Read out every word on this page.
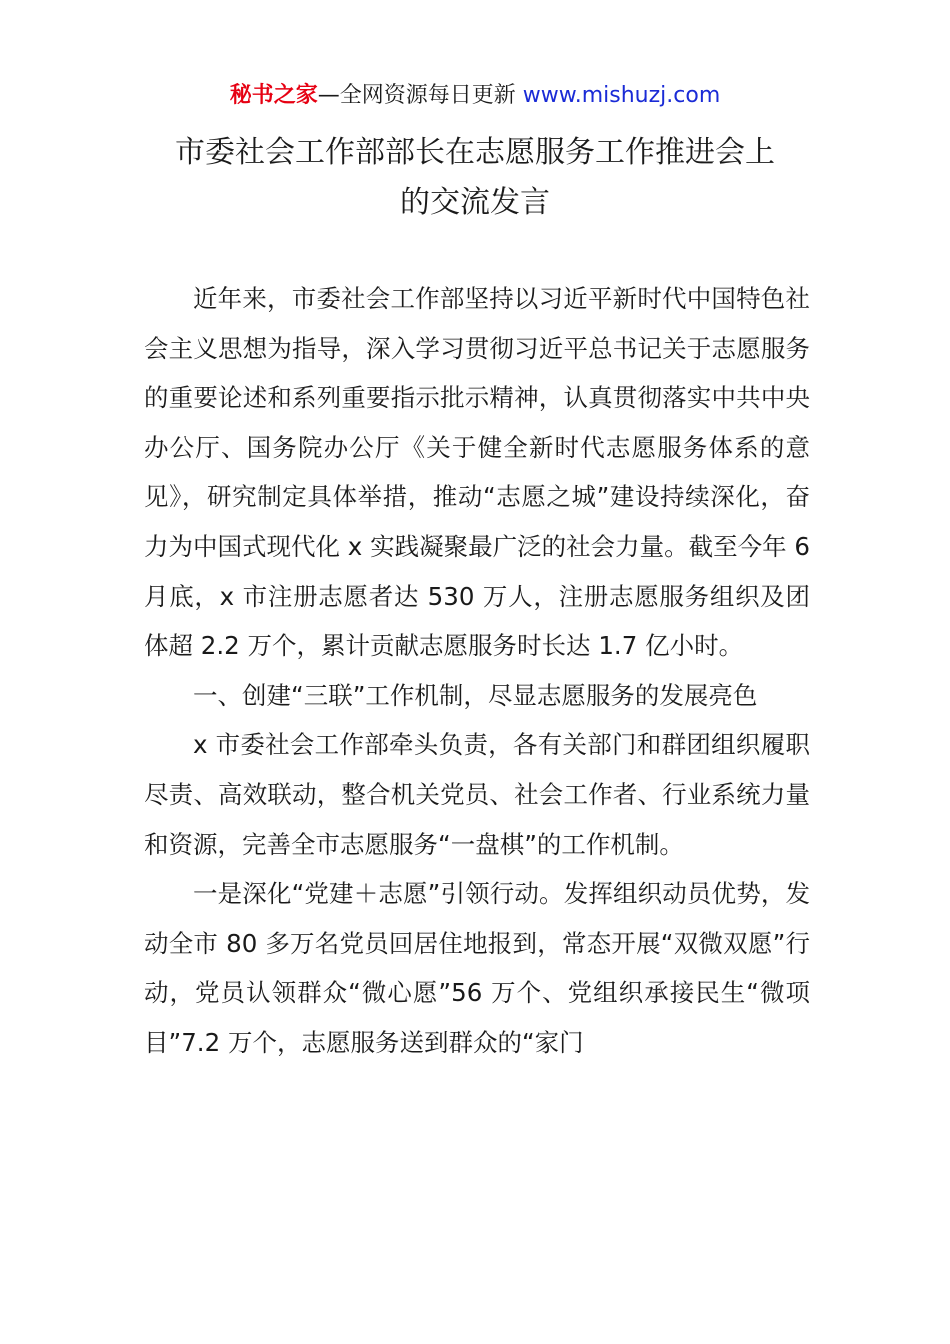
秘书之家—全网资源每日更新 www.mishuzj.com
市委社会工作部部长在志愿服务工作推进会上
的交流发言

近年来，市委社会工作部坚持以习近平新时代中国特色社会主义思想为指导，深入学习贯彻习近平总书记关于志愿服务的重要论述和系列重要指示批示精神，认真贯彻落实中共中央办公厅、国务院办公厅《关于健全新时代志愿服务体系的意见》，研究制定具体举措，推动“志愿之城”建设持续深化，奋力为中国式现代化 x 实践凝聚最广泛的社会力量。截至今年 6 月底，x 市注册志愿者达 530 万人，注册志愿服务组织及团体超 2.2 万个，累计贡献志愿服务时长达 1.7 亿小时。

一、创建“三联”工作机制，尽显志愿服务的发展亮色

x 市委社会工作部牵头负责，各有关部门和群团组织履职尽责、高效联动，整合机关党员、社会工作者、行业系统力量和资源，完善全市志愿服务“一盘棋”的工作机制。

一是深化“党建＋志愿”引领行动。发挥组织动员优势，发动全市 80 多万名党员回居住地报到，常态开展“双微双愿”行动，党员认领群众“微心愿”56 万个、党组织承接民生“微项目”7.2 万个，志愿服务送到群众的“家门
